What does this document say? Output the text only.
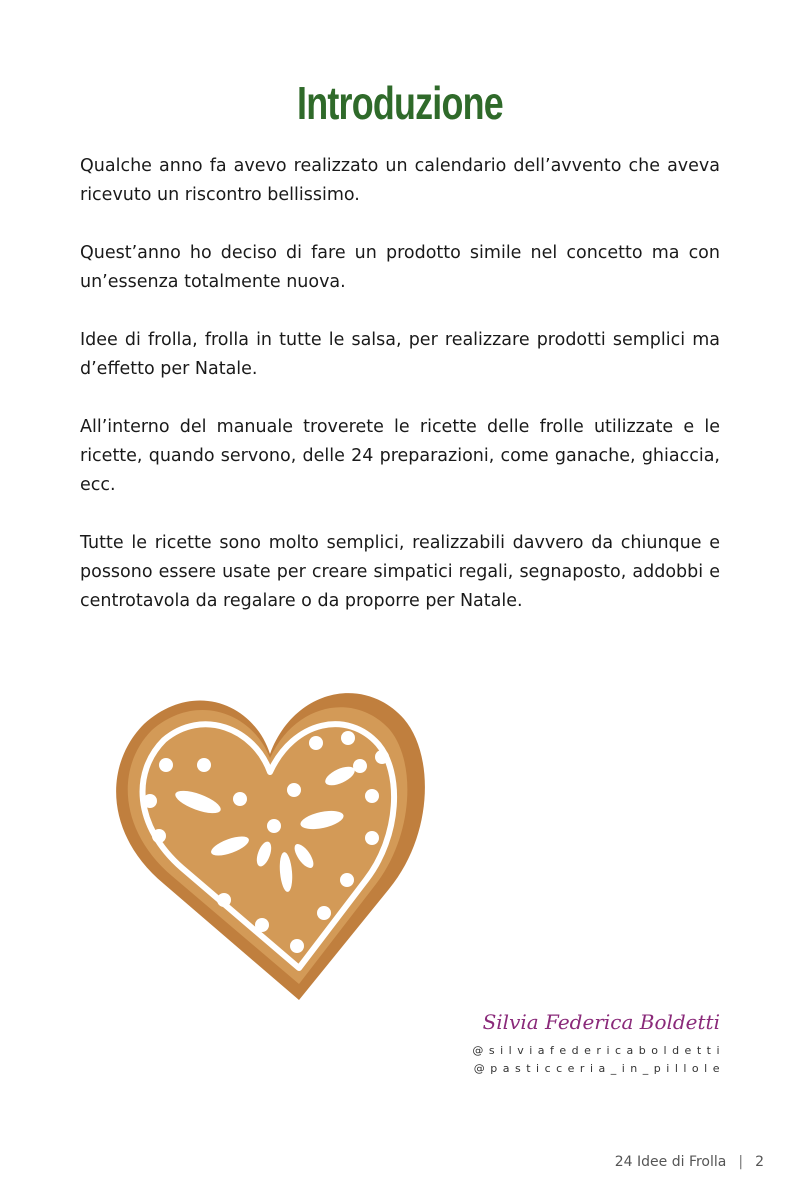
Introduzione

Qualche anno fa avevo realizzato un calendario dell’avvento che aveva ricevuto un riscontro bellissimo.

Quest’anno ho deciso di fare un prodotto simile nel concetto ma con un’essenza totalmente nuova.

Idee di frolla, frolla in tutte le salsa, per realizzare prodotti semplici ma d’effetto per Natale.

All’interno del manuale troverete le ricette delle frolle utilizzate e le ricette, quando servono, delle 24 preparazioni, come ganache, ghiaccia, ecc.

Tutte le ricette sono molto semplici, realizzabili davvero da chiunque e possono essere usate per creare simpatici regali, segnaposto, addobbi e centrotavola da regalare o da proporre per Natale.

Silvia Federica Boldetti
@silviafedericaboldetti
@pasticceria_in_pillole
24 Idee di Frolla | 2
